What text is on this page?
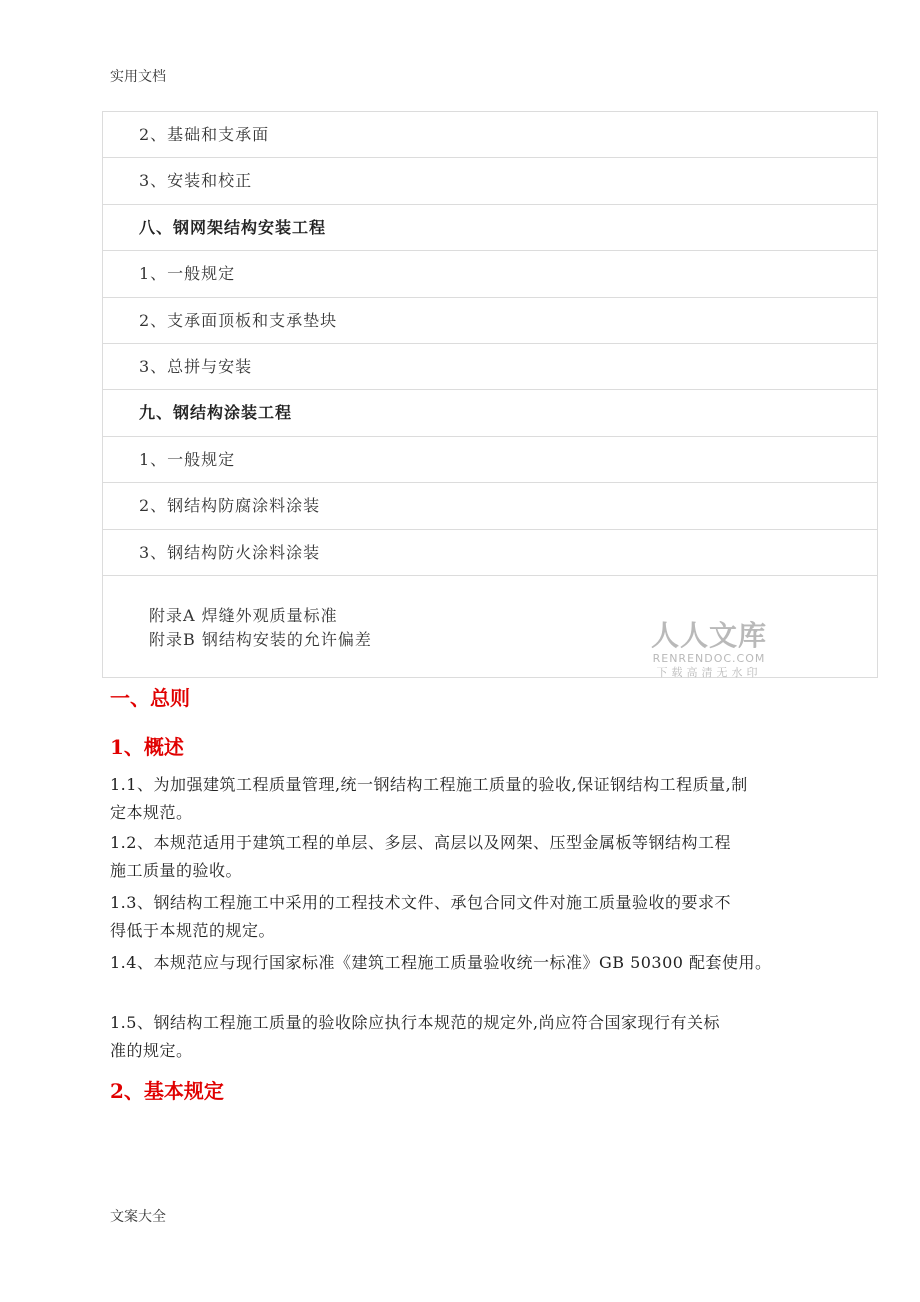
实用文档
2、基础和支承面
3、安装和校正
八、钢网架结构安装工程
1、一般规定
2、支承面顶板和支承垫块
3、总拼与安装
九、钢结构涂装工程
1、一般规定
2、钢结构防腐涂料涂装
3、钢结构防火涂料涂装
附录A 焊缝外观质量标准
附录B 钢结构安装的允许偏差	人人文库
RENRENDOC.COM
下载高清无水印
一、总则
1、概述
1.1、为加强建筑工程质量管理,统一钢结构工程施工质量的验收,保证钢结构工程质量,制
定本规范。
1.2、本规范适用于建筑工程的单层、多层、高层以及网架、压型金属板等钢结构工程
施工质量的验收。
1.3、钢结构工程施工中采用的工程技术文件、承包合同文件对施工质量验收的要求不
得低于本规范的规定。
1.4、本规范应与现行国家标准《建筑工程施工质量验收统一标准》GB 50300 配套使用。
1.5、钢结构工程施工质量的验收除应执行本规范的规定外,尚应符合国家现行有关标
准的规定。
2、基本规定
文案大全
